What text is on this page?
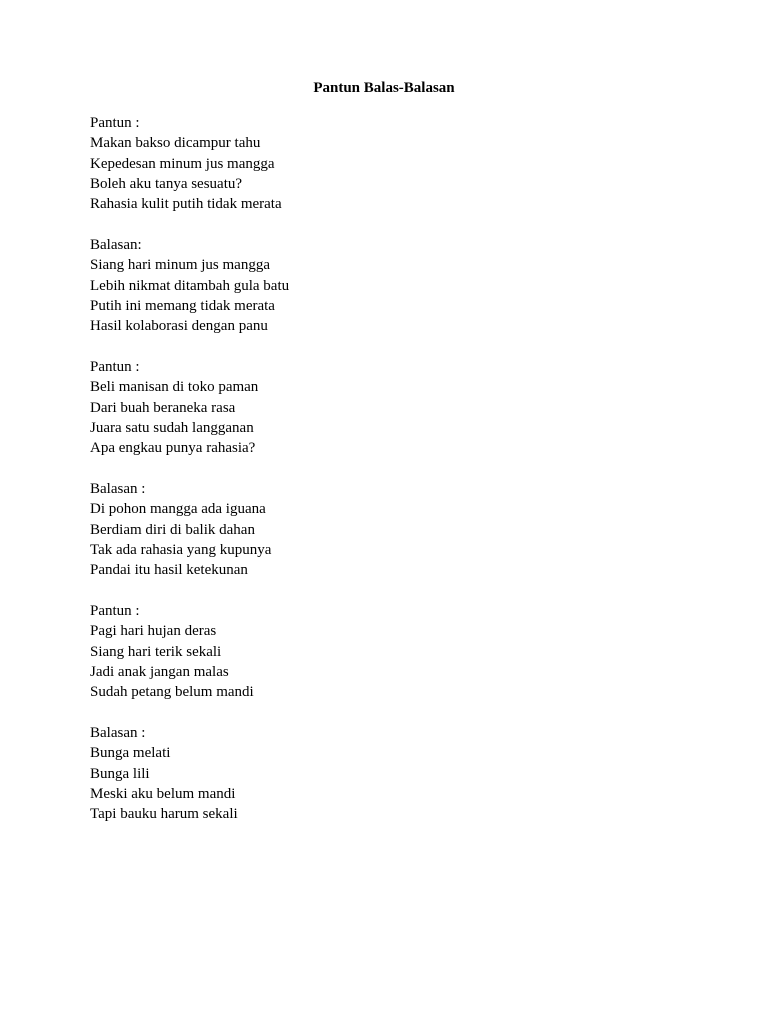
Pantun Balas-Balasan
Pantun :
Makan bakso dicampur tahu
Kepedesan minum jus mangga
Boleh aku tanya sesuatu?
Rahasia kulit putih tidak merata
Balasan:
Siang hari minum jus mangga
Lebih nikmat ditambah gula batu
Putih ini memang tidak merata
Hasil kolaborasi dengan panu
Pantun :
Beli manisan di toko paman
Dari buah beraneka rasa
Juara satu sudah langganan
Apa engkau punya rahasia?
Balasan :
Di pohon mangga ada iguana
Berdiam diri di balik dahan
Tak ada rahasia yang kupunya
Pandai itu hasil ketekunan
Pantun :
Pagi hari hujan deras
Siang hari terik sekali
Jadi anak jangan malas
Sudah petang belum mandi
Balasan :
Bunga melati
Bunga lili
Meski aku belum mandi
Tapi bauku harum sekali
